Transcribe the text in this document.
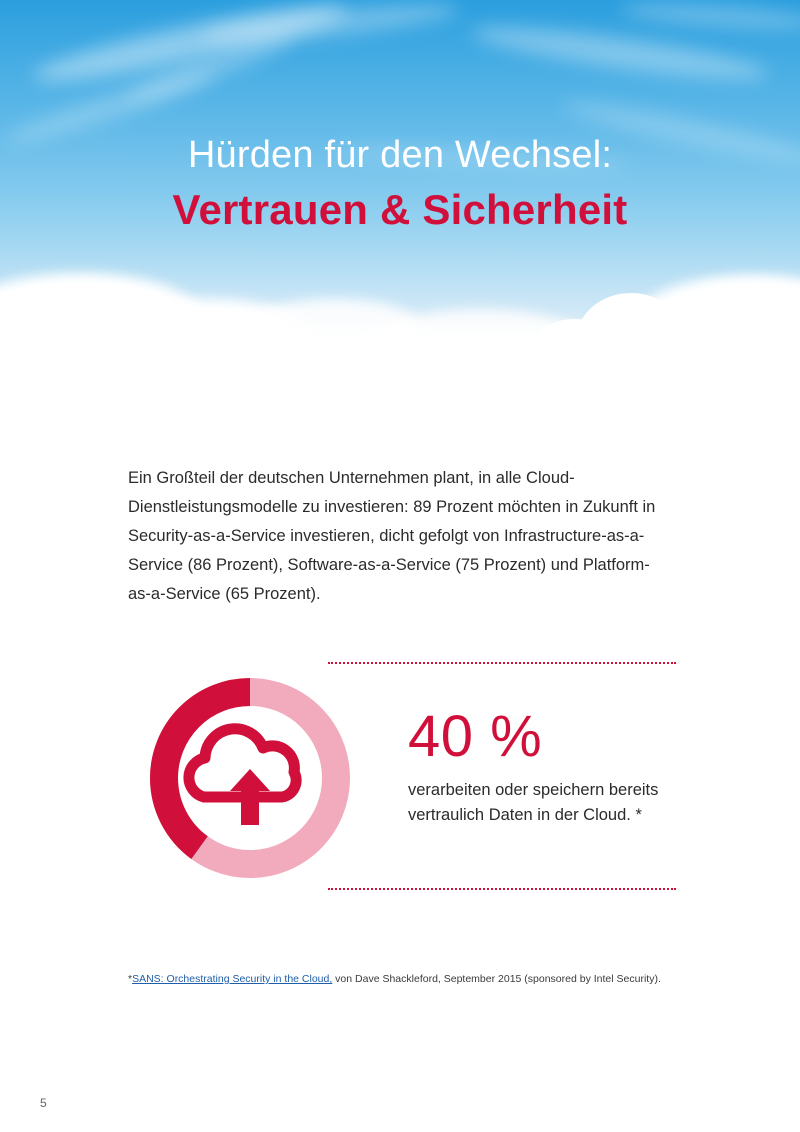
Hürden für den Wechsel:
Vertrauen & Sicherheit

Ein Großteil der deutschen Unternehmen plant, in alle Cloud-Dienstleistungsmodelle zu investieren: 89 Prozent möchten in Zukunft in Security-as-a-Service investieren, dicht gefolgt von Infrastructure-as-a-Service (86 Prozent), Software-as-a-Service (75 Prozent) und Platform-as-a-Service (65 Prozent).

40 %
verarbeiten oder speichern bereits vertraulich Daten in der Cloud. *
*SANS: Orchestrating Security in the Cloud, von Dave Shackleford, September 2015 (sponsored by Intel Security).
5
